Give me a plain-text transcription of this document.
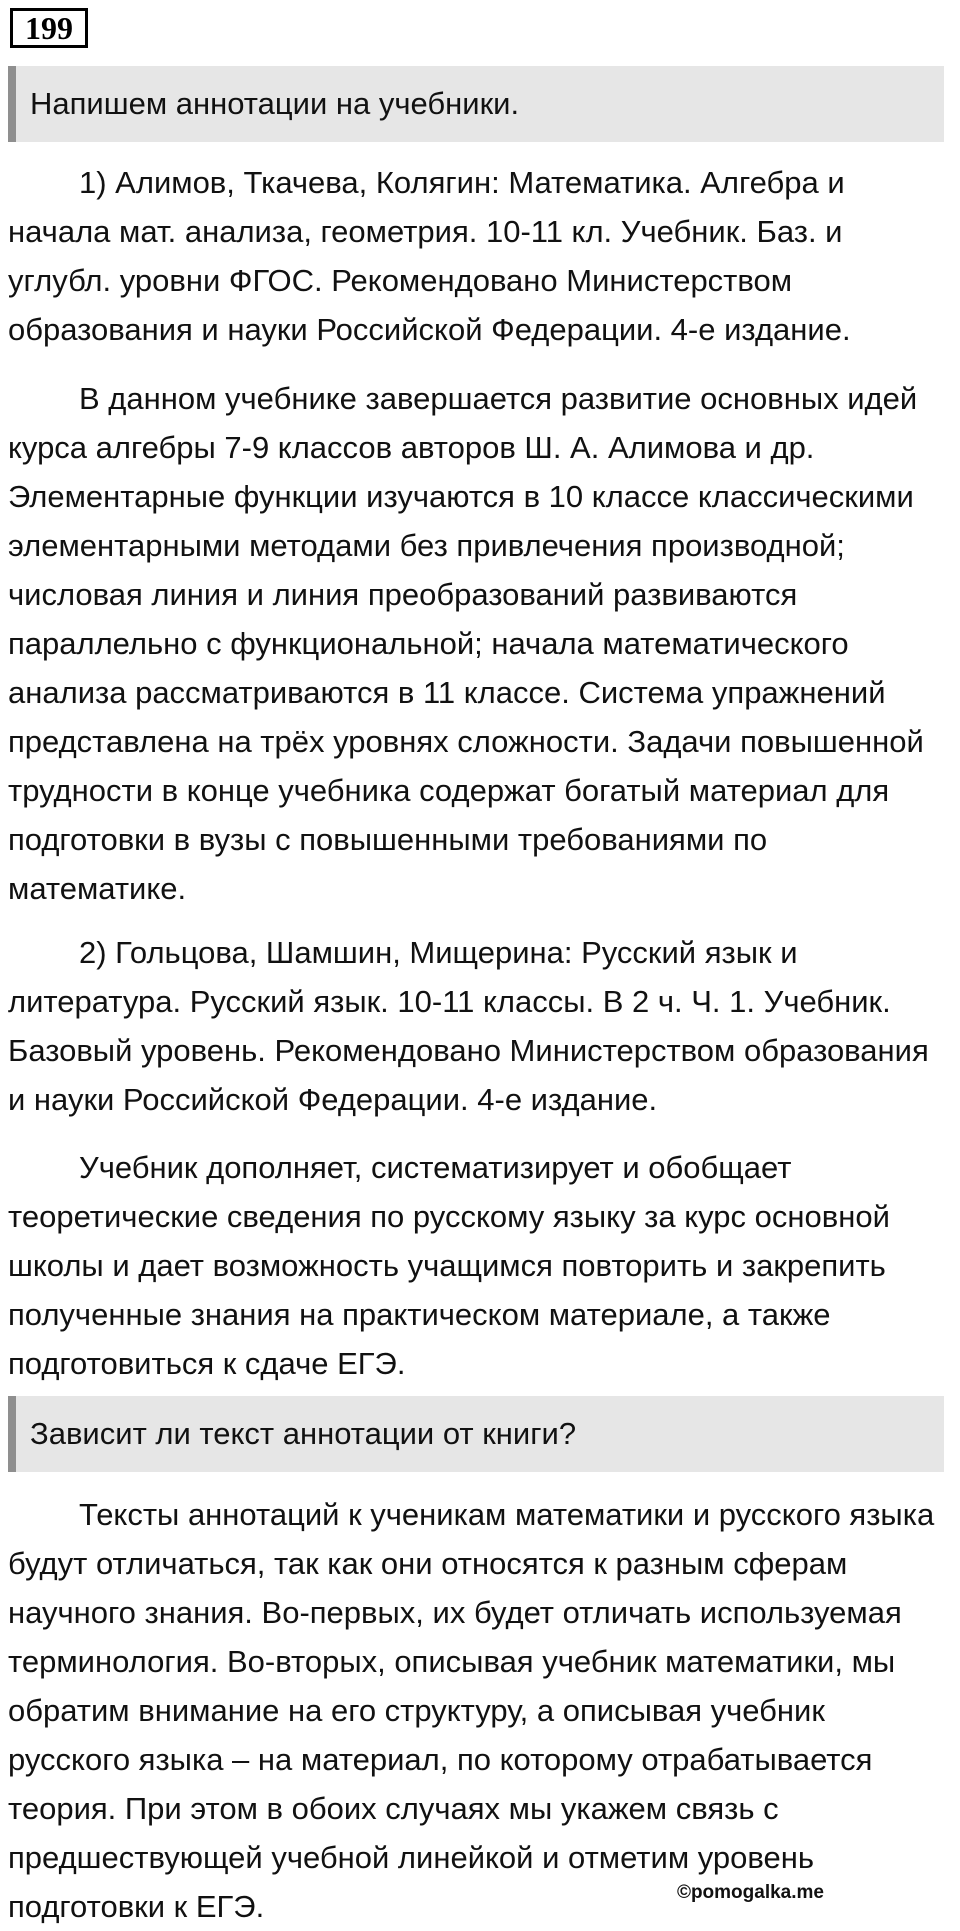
199
Напишем аннотации на учебники.

1) Алимов, Ткачева, Колягин: Математика. Алгебра и начала мат. анализа, геометрия. 10-11 кл. Учебник. Баз. и углубл. уровни ФГОС. Рекомендовано Министерством образования и науки Российской Федерации. 4-е издание.

В данном учебнике завершается развитие основных идей курса алгебры 7-9 классов авторов Ш. А. Алимова и др. Элементарные функции изучаются в 10 классе классическими элементарными методами без привлечения производной; числовая линия и линия преобразований развиваются параллельно с функциональной; начала математического анализа рассматриваются в 11 классе. Система упражнений представлена на трёх уровнях сложности. Задачи повышенной трудности в конце учебника содержат богатый материал для подготовки в вузы с повышенными требованиями по математике.

2) Гольцова, Шамшин, Мищерина: Русский язык и литература. Русский язык. 10-11 классы. В 2 ч. Ч. 1. Учебник. Базовый уровень. Рекомендовано Министерством образования и науки Российской Федерации. 4-е издание.

Учебник дополняет, систематизирует и обобщает теоретические сведения по русскому языку за курс основной школы и дает возможность учащимся повторить и закрепить полученные знания на практическом материале, а также подготовиться к сдаче ЕГЭ.

Зависит ли текст аннотации от книги?

Тексты аннотаций к ученикам математики и русского языка будут отличаться, так как они относятся к разным сферам научного знания. Во-первых, их будет отличать используемая терминология. Во-вторых, описывая учебник математики, мы обратим внимание на его структуру, а описывая учебник русского языка – на материал, по которому отрабатывается теория. При этом в обоих случаях мы укажем связь с предшествующей учебной линейкой и отметим уровень подготовки к ЕГЭ.	©pomogalka.me
